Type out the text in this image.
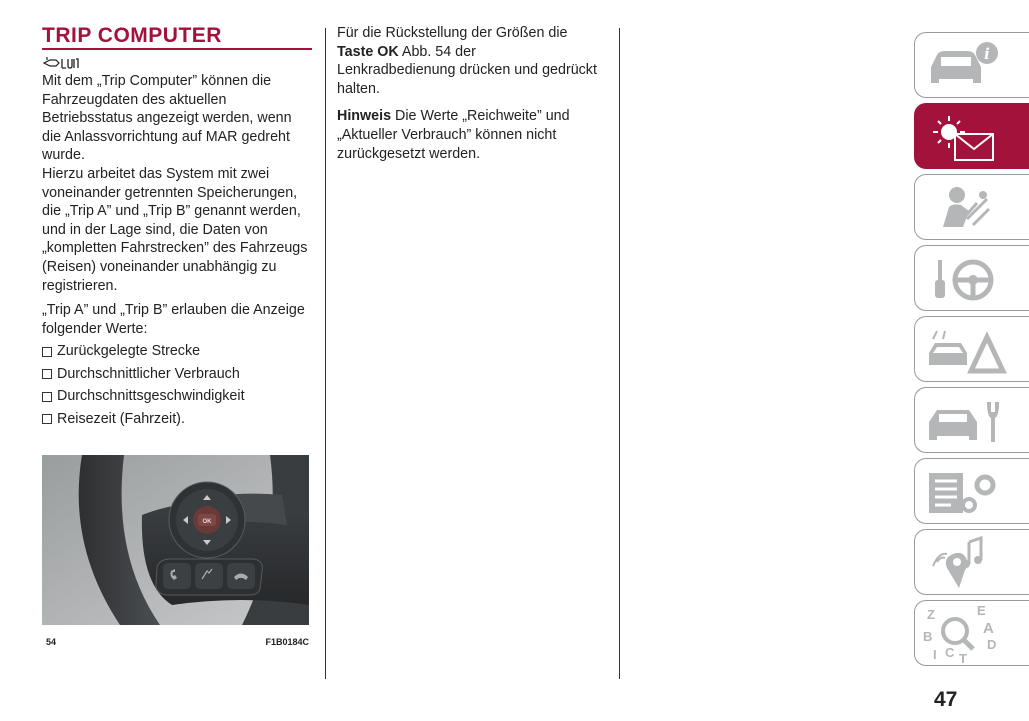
TRIP COMPUTER

Mit dem „Trip Computer” können die Fahrzeugdaten des aktuellen Betriebsstatus angezeigt werden, wenn die Anlassvorrichtung auf MAR gedreht wurde.

Hierzu arbeitet das System mit zwei voneinander getrennten Speicherungen, die „Trip A” und „Trip B” genannt werden, und in der Lage sind, die Daten von „kompletten Fahrstrecken” des Fahrzeugs (Reisen) voneinander unabhängig zu registrieren.

„Trip A” und „Trip B” erlauben die Anzeige folgender Werte:

Zurückgelegte Strecke
Durchschnittlicher Verbrauch
Durchschnittsgeschwindigkeit
Reisezeit (Fahrzeit).
OK
54	F1B0184C

Für die Rückstellung der Größen die Taste OK Abb. 54 der Lenkradbedienung drücken und gedrückt halten.

Hinweis Die Werte „Reichweite” und „Aktueller Verbrauch” können nicht zurückgesetzt werden.

i
Z	E
A
B
D
I C T
47
